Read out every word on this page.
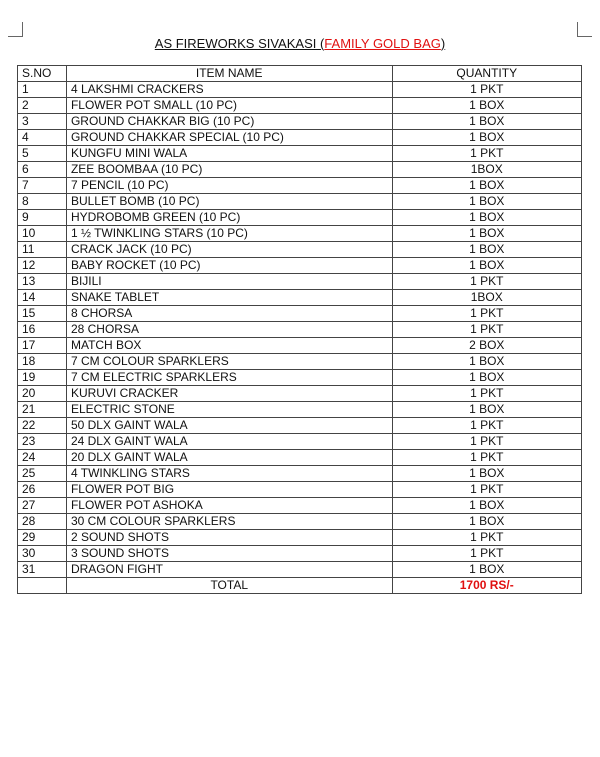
AS FIREWORKS SIVAKASI (FAMILY GOLD BAG)
S.NO	ITEM NAME	QUANTITY
1	4 LAKSHMI CRACKERS	1 PKT
2	FLOWER POT SMALL (10 PC)	1 BOX
3	GROUND CHAKKAR BIG (10 PC)	1 BOX
4	GROUND CHAKKAR SPECIAL (10 PC)	1 BOX
5	KUNGFU MINI WALA	1 PKT
6	ZEE BOOMBAA (10 PC)	1BOX
7	7 PENCIL (10 PC)	1 BOX
8	BULLET BOMB (10 PC)	1 BOX
9	HYDROBOMB GREEN (10 PC)	1 BOX
10	1 ½ TWINKLING STARS (10 PC)	1 BOX
11	CRACK JACK (10 PC)	1 BOX
12	BABY ROCKET (10 PC)	1 BOX
13	BIJILI	1 PKT
14	SNAKE TABLET	1BOX
15	8 CHORSA	1 PKT
16	28 CHORSA	1 PKT
17	MATCH BOX	2 BOX
18	7 CM COLOUR SPARKLERS	1 BOX
19	7 CM ELECTRIC SPARKLERS	1 BOX
20	KURUVI CRACKER	1 PKT
21	ELECTRIC STONE	1 BOX
22	50 DLX GAINT WALA	1 PKT
23	24 DLX GAINT WALA	1 PKT
24	20 DLX GAINT WALA	1 PKT
25	4 TWINKLING STARS	1 BOX
26	FLOWER POT BIG	1 PKT
27	FLOWER POT ASHOKA	1 BOX
28	30 CM COLOUR SPARKLERS	1 BOX
29	2 SOUND SHOTS	1 PKT
30	3 SOUND SHOTS	1 PKT
31	DRAGON FIGHT	1 BOX
	TOTAL	1700 RS/-
